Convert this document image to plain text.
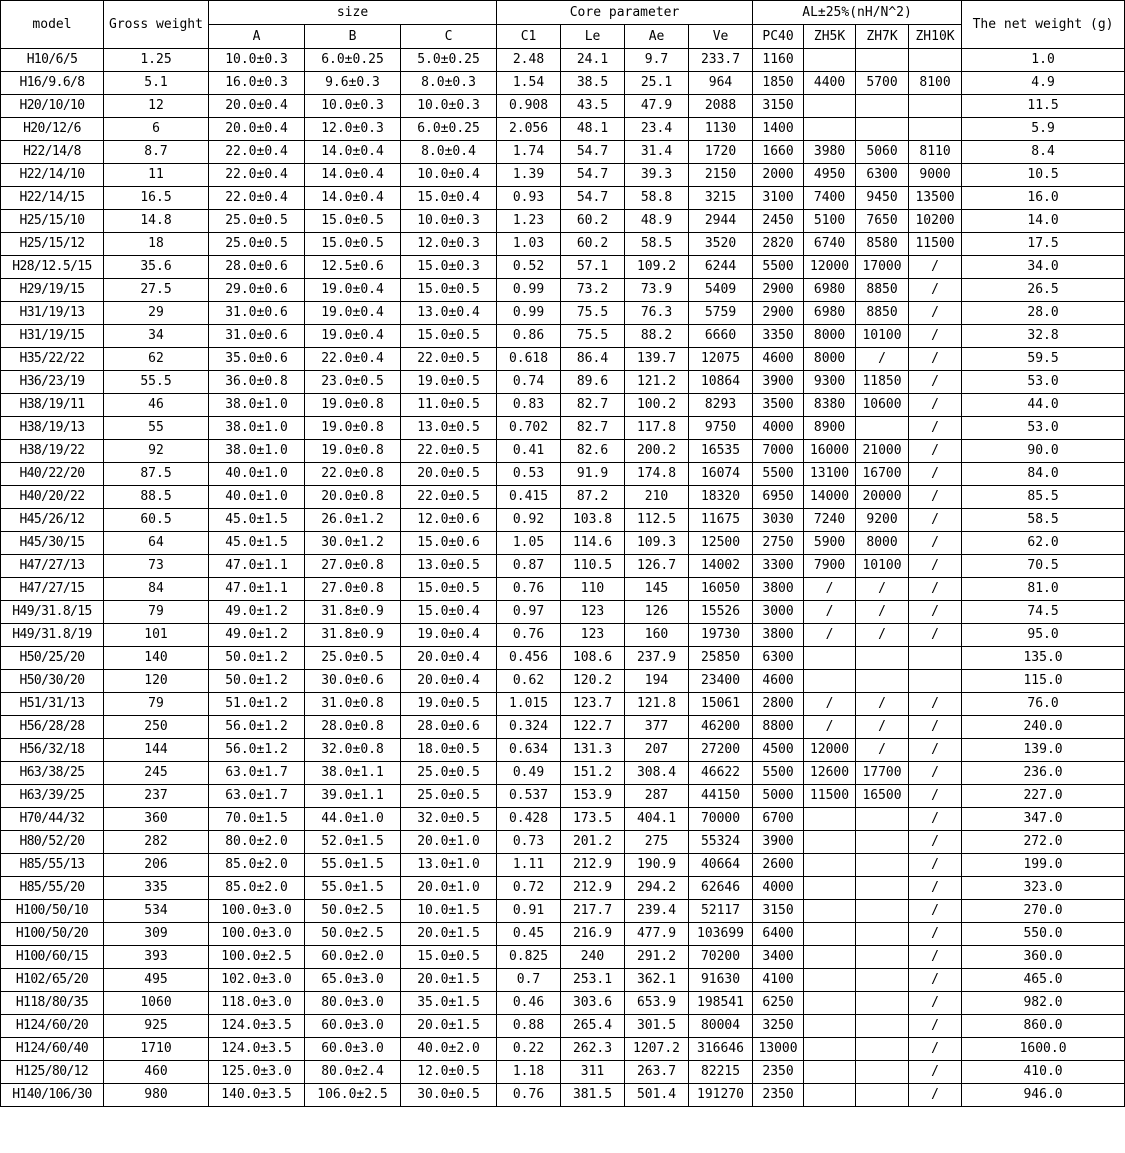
model	Gross weight	size			Core parameter				AL±25%(nH/N^2)				The net weight (g)
		A	B	C	C1	Le	Ae	Ve	PC40	ZH5K	ZH7K	ZH10K	
H10/6/5	1.25	10.0±0.3	6.0±0.25	5.0±0.25	2.48	24.1	9.7	233.7	1160				1.0
H16/9.6/8	5.1	16.0±0.3	9.6±0.3	8.0±0.3	1.54	38.5	25.1	964	1850	4400	5700	8100	4.9
H20/10/10	12	20.0±0.4	10.0±0.3	10.0±0.3	0.908	43.5	47.9	2088	3150				11.5
H20/12/6	6	20.0±0.4	12.0±0.3	6.0±0.25	2.056	48.1	23.4	1130	1400				5.9
H22/14/8	8.7	22.0±0.4	14.0±0.4	8.0±0.4	1.74	54.7	31.4	1720	1660	3980	5060	8110	8.4
H22/14/10	11	22.0±0.4	14.0±0.4	10.0±0.4	1.39	54.7	39.3	2150	2000	4950	6300	9000	10.5
H22/14/15	16.5	22.0±0.4	14.0±0.4	15.0±0.4	0.93	54.7	58.8	3215	3100	7400	9450	13500	16.0
H25/15/10	14.8	25.0±0.5	15.0±0.5	10.0±0.3	1.23	60.2	48.9	2944	2450	5100	7650	10200	14.0
H25/15/12	18	25.0±0.5	15.0±0.5	12.0±0.3	1.03	60.2	58.5	3520	2820	6740	8580	11500	17.5
H28/12.5/15	35.6	28.0±0.6	12.5±0.6	15.0±0.3	0.52	57.1	109.2	6244	5500	12000	17000	/	34.0
H29/19/15	27.5	29.0±0.6	19.0±0.4	15.0±0.5	0.99	73.2	73.9	5409	2900	6980	8850	/	26.5
H31/19/13	29	31.0±0.6	19.0±0.4	13.0±0.4	0.99	75.5	76.3	5759	2900	6980	8850	/	28.0
H31/19/15	34	31.0±0.6	19.0±0.4	15.0±0.5	0.86	75.5	88.2	6660	3350	8000	10100	/	32.8
H35/22/22	62	35.0±0.6	22.0±0.4	22.0±0.5	0.618	86.4	139.7	12075	4600	8000	/	/	59.5
H36/23/19	55.5	36.0±0.8	23.0±0.5	19.0±0.5	0.74	89.6	121.2	10864	3900	9300	11850	/	53.0
H38/19/11	46	38.0±1.0	19.0±0.8	11.0±0.5	0.83	82.7	100.2	8293	3500	8380	10600	/	44.0
H38/19/13	55	38.0±1.0	19.0±0.8	13.0±0.5	0.702	82.7	117.8	9750	4000	8900		/	53.0
H38/19/22	92	38.0±1.0	19.0±0.8	22.0±0.5	0.41	82.6	200.2	16535	7000	16000	21000	/	90.0
H40/22/20	87.5	40.0±1.0	22.0±0.8	20.0±0.5	0.53	91.9	174.8	16074	5500	13100	16700	/	84.0
H40/20/22	88.5	40.0±1.0	20.0±0.8	22.0±0.5	0.415	87.2	210	18320	6950	14000	20000	/	85.5
H45/26/12	60.5	45.0±1.5	26.0±1.2	12.0±0.6	0.92	103.8	112.5	11675	3030	7240	9200	/	58.5
H45/30/15	64	45.0±1.5	30.0±1.2	15.0±0.6	1.05	114.6	109.3	12500	2750	5900	8000	/	62.0
H47/27/13	73	47.0±1.1	27.0±0.8	13.0±0.5	0.87	110.5	126.7	14002	3300	7900	10100	/	70.5
H47/27/15	84	47.0±1.1	27.0±0.8	15.0±0.5	0.76	110	145	16050	3800	/	/	/	81.0
H49/31.8/15	79	49.0±1.2	31.8±0.9	15.0±0.4	0.97	123	126	15526	3000	/	/	/	74.5
H49/31.8/19	101	49.0±1.2	31.8±0.9	19.0±0.4	0.76	123	160	19730	3800	/	/	/	95.0
H50/25/20	140	50.0±1.2	25.0±0.5	20.0±0.4	0.456	108.6	237.9	25850	6300				135.0
H50/30/20	120	50.0±1.2	30.0±0.6	20.0±0.4	0.62	120.2	194	23400	4600				115.0
H51/31/13	79	51.0±1.2	31.0±0.8	19.0±0.5	1.015	123.7	121.8	15061	2800	/	/	/	76.0
H56/28/28	250	56.0±1.2	28.0±0.8	28.0±0.6	0.324	122.7	377	46200	8800	/	/	/	240.0
H56/32/18	144	56.0±1.2	32.0±0.8	18.0±0.5	0.634	131.3	207	27200	4500	12000	/	/	139.0
H63/38/25	245	63.0±1.7	38.0±1.1	25.0±0.5	0.49	151.2	308.4	46622	5500	12600	17700	/	236.0
H63/39/25	237	63.0±1.7	39.0±1.1	25.0±0.5	0.537	153.9	287	44150	5000	11500	16500	/	227.0
H70/44/32	360	70.0±1.5	44.0±1.0	32.0±0.5	0.428	173.5	404.1	70000	6700			/	347.0
H80/52/20	282	80.0±2.0	52.0±1.5	20.0±1.0	0.73	201.2	275	55324	3900			/	272.0
H85/55/13	206	85.0±2.0	55.0±1.5	13.0±1.0	1.11	212.9	190.9	40664	2600			/	199.0
H85/55/20	335	85.0±2.0	55.0±1.5	20.0±1.0	0.72	212.9	294.2	62646	4000			/	323.0
H100/50/10	534	100.0±3.0	50.0±2.5	10.0±1.5	0.91	217.7	239.4	52117	3150			/	270.0
H100/50/20	309	100.0±3.0	50.0±2.5	20.0±1.5	0.45	216.9	477.9	103699	6400			/	550.0
H100/60/15	393	100.0±2.5	60.0±2.0	15.0±0.5	0.825	240	291.2	70200	3400			/	360.0
H102/65/20	495	102.0±3.0	65.0±3.0	20.0±1.5	0.7	253.1	362.1	91630	4100			/	465.0
H118/80/35	1060	118.0±3.0	80.0±3.0	35.0±1.5	0.46	303.6	653.9	198541	6250			/	982.0
H124/60/20	925	124.0±3.5	60.0±3.0	20.0±1.5	0.88	265.4	301.5	80004	3250			/	860.0
H124/60/40	1710	124.0±3.5	60.0±3.0	40.0±2.0	0.22	262.3	1207.2	316646	13000			/	1600.0
H125/80/12	460	125.0±3.0	80.0±2.4	12.0±0.5	1.18	311	263.7	82215	2350			/	410.0
H140/106/30	980	140.0±3.5	106.0±2.5	30.0±0.5	0.76	381.5	501.4	191270	2350			/	946.0
